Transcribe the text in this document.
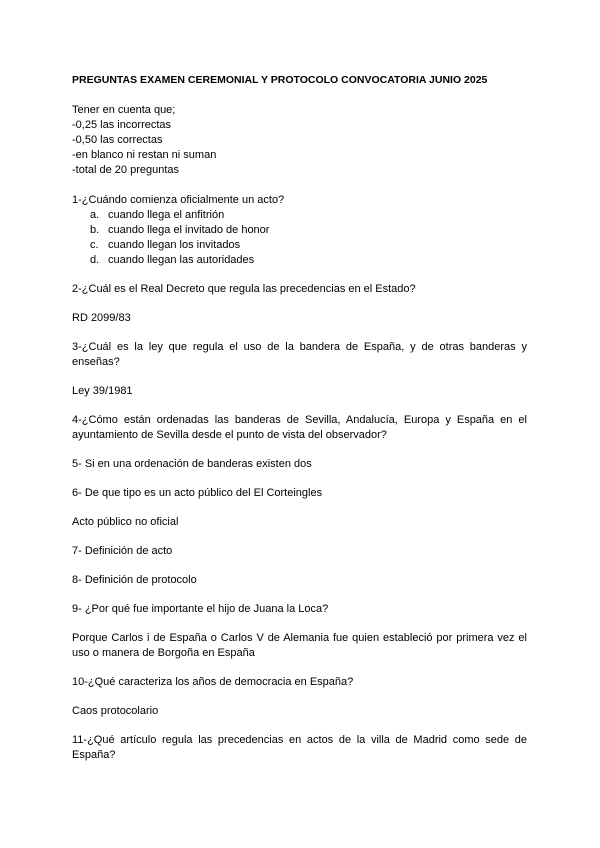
PREGUNTAS EXAMEN CEREMONIAL Y PROTOCOLO CONVOCATORIA JUNIO 2025
Tener en cuenta que;
-0,25 las incorrectas
-0,50 las correctas
-en blanco ni restan ni suman
-total de 20 preguntas
1-¿Cuándo comienza oficialmente un acto?
a. cuando llega el anfitrión
b. cuando llega el invitado de honor
c. cuando llegan los invitados
d. cuando llegan las autoridades
2-¿Cuál es el Real Decreto que regula las precedencias en el Estado?
RD 2099/83
3-¿Cuál es la ley que regula el uso de la bandera de España, y de otras banderas y enseñas?
Ley 39/1981
4-¿Cómo están ordenadas las banderas de Sevilla, Andalucía, Europa y España en el ayuntamiento de Sevilla desde el punto de vista del observador?
5- Si en una ordenación de banderas existen dos
6- De que tipo es un acto público del El Corteingles
Acto público no oficial
7- Definición de acto
8- Definición de protocolo
9- ¿Por qué fue importante el hijo de Juana la Loca?
Porque Carlos i de España o Carlos V de Alemania fue quien estableció por primera vez el uso o manera de Borgoña en España
10-¿Qué caracteriza los años de democracia en España?
Caos protocolario
11-¿Qué artículo regula las precedencias en actos de la villa de Madrid como sede de España?
